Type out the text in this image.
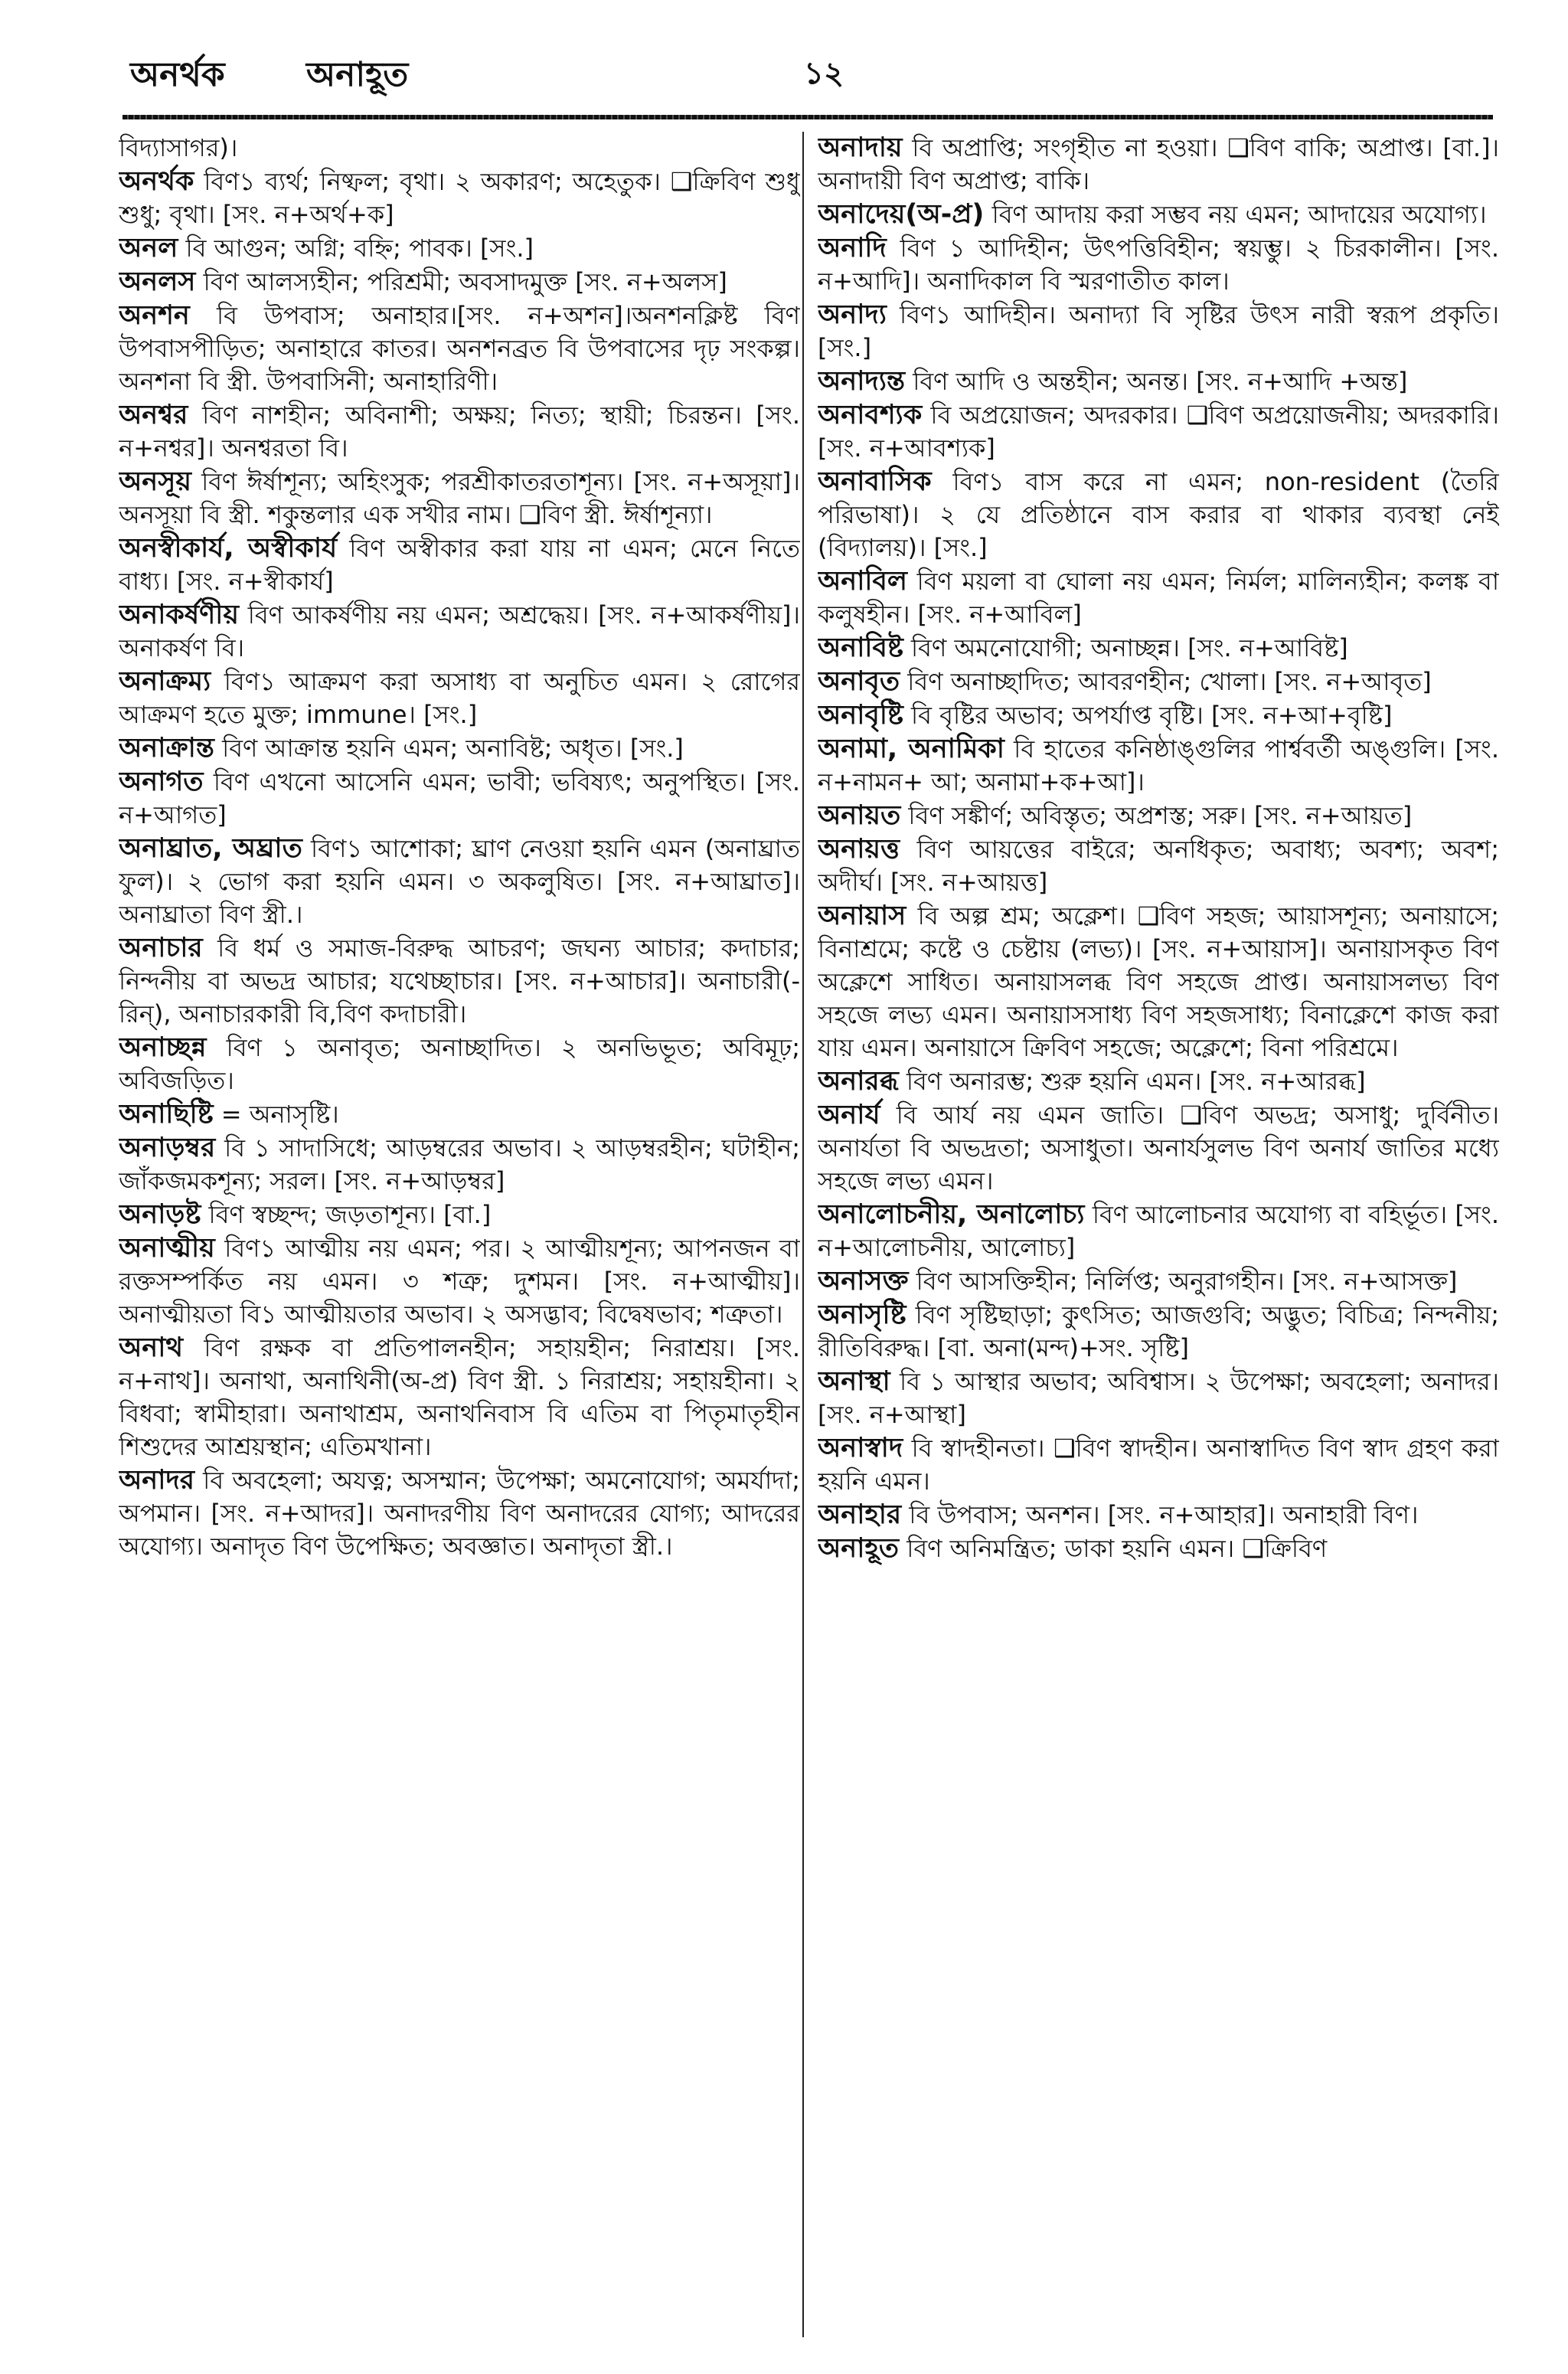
অনর্থক অনাহূত	১২
বিদ্যাসাগর)।
অনর্থক বিণ১ ব্যর্থ; নিষ্ফল; বৃথা। ২ অকারণ; অহেতুক। ❑ক্রিবিণ শুধু শুধু; বৃথা। [সং. ন+অর্থ+ক]
অনল বি আগুন; অগ্নি; বহ্নি; পাবক। [সং.]
অনলস বিণ আলস্যহীন; পরিশ্রমী; অবসাদমুক্ত [সং. ন+অলস]
অনশন বি উপবাস; অনাহার।[সং. ন+অশন]।অনশনক্লিষ্ট বিণ উপবাসপীড়িত; অনাহারে কাতর। অনশনব্রত বি উপবাসের দৃঢ় সংকল্প। অনশনা বি স্ত্রী. উপবাসিনী; অনাহারিণী।
অনশ্বর বিণ নাশহীন; অবিনাশী; অক্ষয়; নিত্য; স্থায়ী; চিরন্তন। [সং. ন+নশ্বর]। অনশ্বরতা বি।
অনসূয় বিণ ঈর্ষাশূন্য; অহিংসুক; পরশ্রীকাতরতাশূন্য। [সং. ন+অসূয়া]। অনসূয়া বি স্ত্রী. শকুন্তলার এক সখীর নাম। ❑বিণ স্ত্রী. ঈর্ষাশূন্যা।
অনস্বীকার্য, অস্বীকার্য বিণ অস্বীকার করা যায় না এমন; মেনে নিতে বাধ্য। [সং. ন+স্বীকার্য]
অনাকর্ষণীয় বিণ আকর্ষণীয় নয় এমন; অশ্রদ্ধেয়। [সং. ন+আকর্ষণীয়]। অনাকর্ষণ বি।
অনাক্রম্য বিণ১ আক্রমণ করা অসাধ্য বা অনুচিত এমন। ২ রোগের আক্রমণ হতে মুক্ত; immune। [সং.]
অনাক্রান্ত বিণ আক্রান্ত হয়নি এমন; অনাবিষ্ট; অধৃত। [সং.]
অনাগত বিণ এখনো আসেনি এমন; ভাবী; ভবিষ্যৎ; অনুপস্থিত। [সং. ন+আগত]
অনাঘ্রাত, অঘ্রাত বিণ১ আশোকা; ঘ্রাণ নেওয়া হয়নি এমন (অনাঘ্রাত ফুল)। ২ ভোগ করা হয়নি এমন। ৩ অকলুষিত। [সং. ন+আঘ্রাত]। অনাঘ্রাতা বিণ স্ত্রী.।
অনাচার বি ধর্ম ও সমাজ-বিরুদ্ধ আচরণ; জঘন্য আচার; কদাচার; নিন্দনীয় বা অভদ্র আচার; যথেচ্ছাচার। [সং. ন+আচার]। অনাচারী(-রিন্), অনাচারকারী বি,বিণ কদাচারী।
অনাচ্ছন্ন বিণ ১ অনাবৃত; অনাচ্ছাদিত। ২ অনভিভূত; অবিমূঢ়; অবিজড়িত।
অনাছিষ্টি = অনাসৃষ্টি।
অনাড়ম্বর বি ১ সাদাসিধে; আড়ম্বরের অভাব। ২ আড়ম্বরহীন; ঘটাহীন; জাঁকজমকশূন্য; সরল। [সং. ন+আড়ম্বর]
অনাড়ষ্ট বিণ স্বচ্ছন্দ; জড়তাশূন্য। [বা.]
অনাত্মীয় বিণ১ আত্মীয় নয় এমন; পর। ২ আত্মীয়শূন্য; আপনজন বা রক্তসম্পর্কিত নয় এমন। ৩ শত্রু; দুশমন। [সং. ন+আত্মীয়]। অনাত্মীয়তা বি১ আত্মীয়তার অভাব। ২ অসদ্ভাব; বিদ্বেষভাব; শত্রুতা।
অনাথ বিণ রক্ষক বা প্রতিপালনহীন; সহায়হীন; নিরাশ্রয়। [সং. ন+নাথ]। অনাথা, অনাথিনী(অ-প্র) বিণ স্ত্রী. ১ নিরাশ্রয়; সহায়হীনা। ২ বিধবা; স্বামীহারা। অনাথাশ্রম, অনাথনিবাস বি এতিম বা পিতৃমাতৃহীন শিশুদের আশ্রয়স্থান; এতিমখানা।
অনাদর বি অবহেলা; অযত্ন; অসম্মান; উপেক্ষা; অমনোযোগ; অমর্যাদা; অপমান। [সং. ন+আদর]। অনাদরণীয় বিণ অনাদরের যোগ্য; আদরের অযোগ্য। অনাদৃত বিণ উপেক্ষিত; অবজ্ঞাত। অনাদৃতা স্ত্রী.।
অনাদায় বি অপ্রাপ্তি; সংগৃহীত না হওয়া। ❑বিণ বাকি; অপ্রাপ্ত। [বা.]। অনাদায়ী বিণ অপ্রাপ্ত; বাকি।
অনাদেয়(অ-প্র) বিণ আদায় করা সম্ভব নয় এমন; আদায়ের অযোগ্য।
অনাদি বিণ ১ আদিহীন; উৎপত্তিবিহীন; স্বয়ম্ভু। ২ চিরকালীন। [সং. ন+আদি]। অনাদিকাল বি স্মরণাতীত কাল।
অনাদ্য বিণ১ আদিহীন। অনাদ্যা বি সৃষ্টির উৎস নারী স্বরূপ প্রকৃতি। [সং.]
অনাদ্যন্ত বিণ আদি ও অন্তহীন; অনন্ত। [সং. ন+আদি +অন্ত]
অনাবশ্যক বি অপ্রয়োজন; অদরকার। ❑বিণ অপ্রয়োজনীয়; অদরকারি। [সং. ন+আবশ্যক]
অনাবাসিক বিণ১ বাস করে না এমন; non-resident (তৈরি পরিভাষা)। ২ যে প্রতিষ্ঠানে বাস করার বা থাকার ব্যবস্থা নেই (বিদ্যালয়)। [সং.]
অনাবিল বিণ ময়লা বা ঘোলা নয় এমন; নির্মল; মালিন্যহীন; কলঙ্ক বা কলুষহীন। [সং. ন+আবিল]
অনাবিষ্ট বিণ অমনোযোগী; অনাচ্ছন্ন। [সং. ন+আবিষ্ট]
অনাবৃত বিণ অনাচ্ছাদিত; আবরণহীন; খোলা। [সং. ন+আবৃত]
অনাবৃষ্টি বি বৃষ্টির অভাব; অপর্যাপ্ত বৃষ্টি। [সং. ন+আ+বৃষ্টি]
অনামা, অনামিকা বি হাতের কনিষ্ঠাঙ্গুলির পার্শ্ববর্তী অঙ্গুলি। [সং. ন+নামন+ আ; অনামা+ক+আ]।
অনায়ত বিণ সঙ্কীর্ণ; অবিস্তৃত; অপ্রশস্ত; সরু। [সং. ন+আয়ত]
অনায়ত্ত বিণ আয়ত্তের বাইরে; অনধিকৃত; অবাধ্য; অবশ্য; অবশ; অদীর্ঘ। [সং. ন+আয়ত্ত]
অনায়াস বি অল্প শ্রম; অক্লেশ। ❑বিণ সহজ; আয়াসশূন্য; অনায়াসে; বিনাশ্রমে; কষ্টে ও চেষ্টায় (লভ্য)। [সং. ন+আয়াস]। অনায়াসকৃত বিণ অক্লেশে সাধিত। অনায়াসলব্ধ বিণ সহজে প্রাপ্ত। অনায়াসলভ্য বিণ সহজে লভ্য এমন। অনায়াসসাধ্য বিণ সহজসাধ্য; বিনাক্লেশে কাজ করা যায় এমন। অনায়াসে ক্রিবিণ সহজে; অক্লেশে; বিনা পরিশ্রমে।
অনারব্ধ বিণ অনারম্ভ; শুরু হয়নি এমন। [সং. ন+আরব্ধ]
অনার্য বি আর্য নয় এমন জাতি। ❑বিণ অভদ্র; অসাধু; দুর্বিনীত। অনার্যতা বি অভদ্রতা; অসাধুতা। অনার্যসুলভ বিণ অনার্য জাতির মধ্যে সহজে লভ্য এমন।
অনালোচনীয়, অনালোচ্য বিণ আলোচনার অযোগ্য বা বহির্ভূত। [সং. ন+আলোচনীয়, আলোচ্য]
অনাসক্ত বিণ আসক্তিহীন; নির্লিপ্ত; অনুরাগহীন। [সং. ন+আসক্ত]
অনাসৃষ্টি বিণ সৃষ্টিছাড়া; কুৎসিত; আজগুবি; অদ্ভুত; বিচিত্র; নিন্দনীয়; রীতিবিরুদ্ধ। [বা. অনা(মন্দ)+সং. সৃষ্টি]
অনাস্থা বি ১ আস্থার অভাব; অবিশ্বাস। ২ উপেক্ষা; অবহেলা; অনাদর। [সং. ন+আস্থা]
অনাস্বাদ বি স্বাদহীনতা। ❑বিণ স্বাদহীন। অনাস্বাদিত বিণ স্বাদ গ্রহণ করা হয়নি এমন।
অনাহার বি উপবাস; অনশন। [সং. ন+আহার]। অনাহারী বিণ।
অনাহূত বিণ অনিমন্ত্রিত; ডাকা হয়নি এমন। ❑ক্রিবিণ
